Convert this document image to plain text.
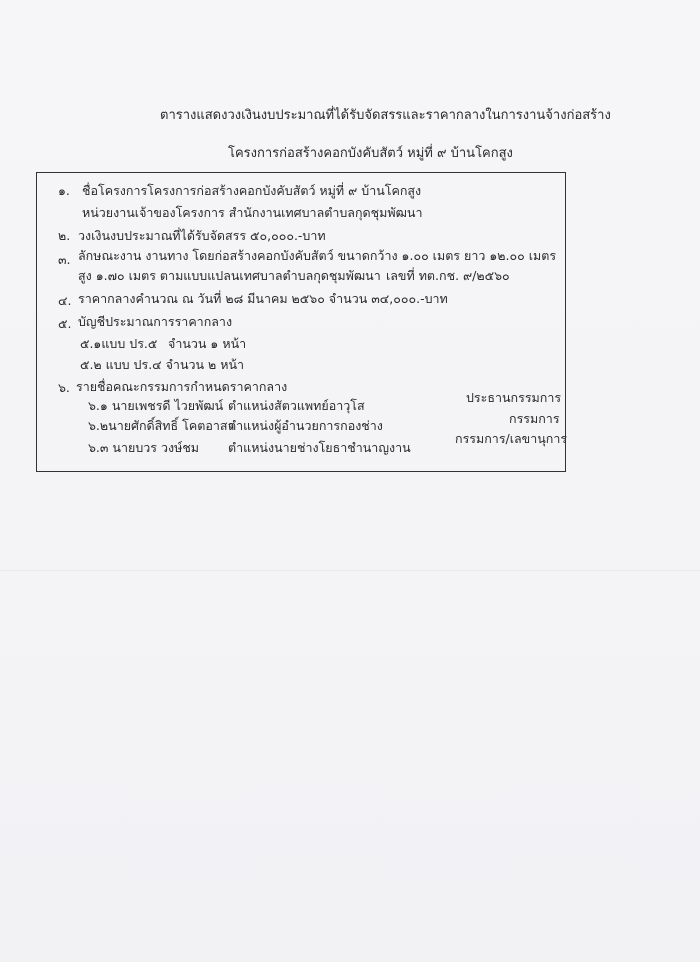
ตารางแสดงวงเงินงบประมาณที่ได้รับจัดสรรและราคากลางในการงานจ้างก่อสร้าง
โครงการก่อสร้างคอกบังคับสัตว์ หมู่ที่ ๙ บ้านโคกสูง
๑. ชื่อโครงการโครงการก่อสร้างคอกบังคับสัตว์ หมู่ที่ ๙ บ้านโคกสูง
หน่วยงานเจ้าของโครงการ สำนักงานเทศบาลตำบลกุดชุมพัฒนา
๒. วงเงินงบประมาณที่ได้รับจัดสรร ๕๐,๐๐๐.-บาท
๓. ลักษณะงาน งานทาง โดยก่อสร้างคอกบังคับสัตว์ ขนาดกว้าง ๑.๐๐ เมตร ยาว ๑๒.๐๐ เมตร
สูง ๑.๗๐ เมตร ตามแบบแปลนเทศบาลตำบลกุดชุมพัฒนา เลขที่ ทต.กช. ๙/๒๕๖๐
๔. ราคากลางคำนวณ ณ วันที่ ๒๘ มีนาคม ๒๕๖๐ จำนวน ๓๔,๐๐๐.-บาท
๕. บัญชีประมาณการราคากลาง
๕.๑แบบ ปร.๕ จำนวน ๑ หน้า
๕.๒ แบบ ปร.๔ จำนวน ๒ หน้า
๖. รายชื่อคณะกรรมการกำหนดราคากลาง
๖.๑ นายเพชรดี ไวยพัฒน์ ตำแหน่งสัตวแพทย์อาวุโส
ประธานกรรมการ
๖.๒นายศักดิ์สิทธิ์ โคตอาสา
ตำแหน่งผู้อำนวยการกองช่าง	กรรมการ
๖.๓ นายบวร วงษ์ชม ตำแหน่งนายช่างโยธาชำนาญงาน
กรรมการ/เลขานุการ
